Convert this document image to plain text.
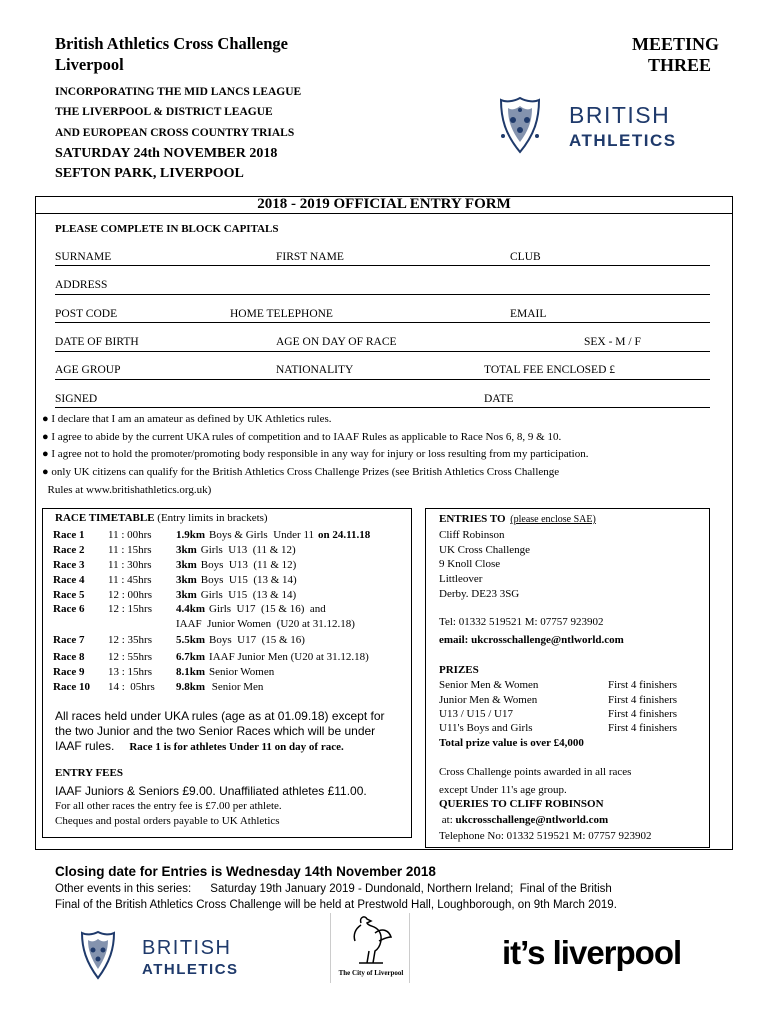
British Athletics Cross Challenge
Liverpool
MEETING
THREE
INCORPORATING THE MID LANCS LEAGUE
THE LIVERPOOL & DISTRICT LEAGUE
AND EUROPEAN CROSS COUNTRY TRIALS
SATURDAY 24th NOVEMBER 2018
SEFTON PARK, LIVERPOOL
BRITISH
ATHLETICS
2018 - 2019 OFFICIAL ENTRY FORM
PLEASE COMPLETE IN BLOCK CAPITALS
SURNAME	FIRST NAME	CLUB
ADDRESS
POST CODE	HOME TELEPHONE	EMAIL
DATE OF BIRTH	AGE ON DAY OF RACE	SEX - M / F
AGE GROUP	NATIONALITY	TOTAL FEE ENCLOSED £
SIGNED	DATE
● I declare that I am an amateur as defined by UK Athletics rules.
● I agree to abide by the current UKA rules of competition and to IAAF Rules as applicable to Race Nos 6, 8, 9 & 10.
● I agree not to hold the promoter/promoting body responsible in any way for injury or loss resulting from my participation.
● only UK citizens can qualify for the British Athletics Cross Challenge Prizes (see British Athletics Cross Challenge
Rules at www.britishathletics.org.uk)
RACE TIMETABLE (Entry limits in brackets)
Race 1 11 : 00hrs 1.9km Boys & Girls  Under 11 on 24.11.18
Race 2 11 : 15hrs 3km Girls  U13  (11 & 12)
Race 3 11 : 30hrs 3km Boys  U13  (11 & 12)
Race 4 11 : 45hrs 3km Boys  U15  (13 & 14)
Race 5 12 : 00hrs 3km Girls  U15  (13 & 14)
Race 6 12 : 15hrs 4.4km Girls  U17  (15 & 16)  and
IAAF  Junior Women  (U20 at 31.12.18)
Race 7 12 : 35hrs 5.5km Boys  U17  (15 & 16)
Race 8 12 : 55hrs 6.7km IAAF Junior Men (U20 at 31.12.18)
Race 9 13 : 15hrs 8.1km Senior Women
Race 10 14 :  05hrs 9.8km Senior Men
All races held under UKA rules (age as at 01.09.18) except for
the two Junior and the two Senior Races which will be under
IAAF rules. Race 1 is for athletes Under 11 on day of race.
ENTRY FEES
IAAF Juniors & Seniors £9.00. Unaffiliated athletes £11.00.
For all other races the entry fee is £7.00 per athlete.
Cheques and postal orders payable to UK Athletics
ENTRIES TO (please enclose SAE)
Cliff Robinson
UK Cross Challenge
9 Knoll Close
Littleover
Derby. DE23 3SG
Tel: 01332 519521 M: 07757 923902
email: ukcrosschallenge@ntlworld.com
PRIZES
Senior Men & Women	First 4 finishers
Junior Men & Women	First 4 finishers
U13 / U15 / U17	First 4 finishers
U11's Boys and Girls	First 4 finishers
Total prize value is over £4,000
Cross Challenge points awarded in all races
except Under 11's age group.
QUERIES TO CLIFF ROBINSON
at: ukcrosschallenge@ntlworld.com
Telephone No: 01332 519521 M: 07757 923902
Closing date for Entries is Wednesday 14th November 2018
Other events in this series:      Saturday 19th January 2019 - Dundonald, Northern Ireland;  Final of the British
Final of the British Athletics Cross Challenge will be held at Prestwold Hall, Loughborough, on 9th March 2019.
BRITISH
ATHLETICS	The City of Liverpool
it’s liverpool
